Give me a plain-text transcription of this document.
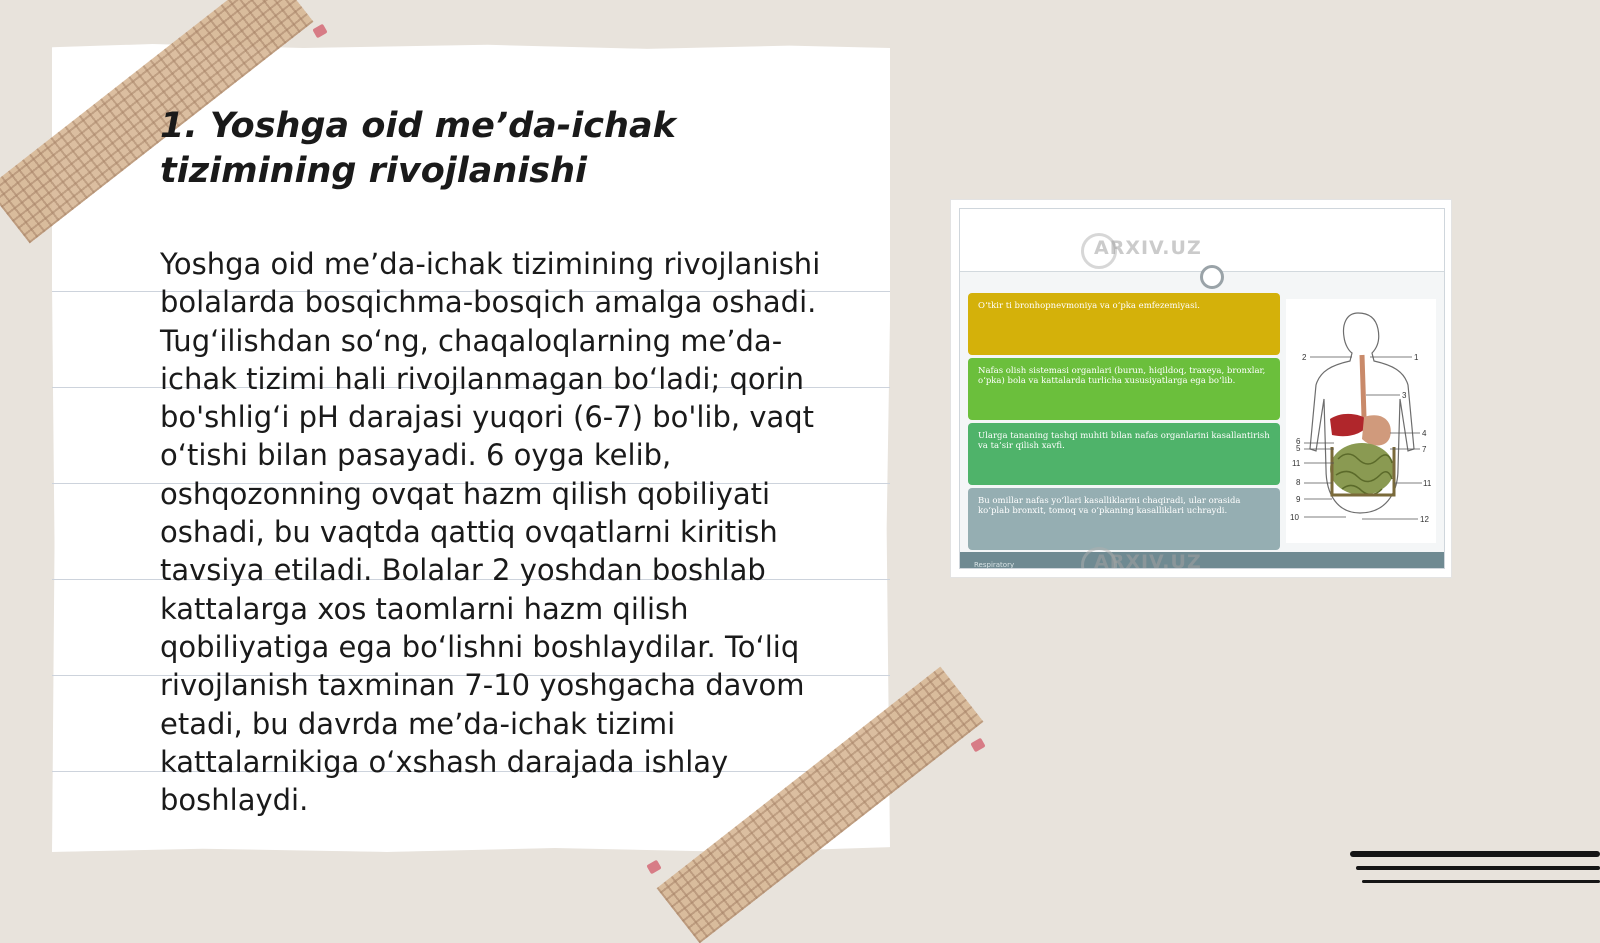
1. Yoshga oid me’da-ichak tizimining rivojlanishi

Yoshga oid me’da-ichak tizimining rivojlanishi bolalarda bosqichma-bosqich amalga oshadi. Tug‘ilishdan so‘ng, chaqaloqlarning me’da-ichak tizimi hali rivojlanmagan bo‘ladi; qorin bo'shlig‘i pH darajasi yuqori (6-7) bo'lib, vaqt o‘tishi bilan pasayadi. 6 oyga kelib, oshqozonning ovqat hazm qilish qobiliyati oshadi, bu vaqtda qattiq ovqatlarni kiritish tavsiya etiladi. Bolalar 2 yoshdan boshlab kattalarga xos taomlarni hazm qilish qobiliyatiga ega bo‘lishni boshlaydilar. To‘liq rivojlanish taxminan 7-10 yoshgacha davom etadi, bu davrda me’da-ichak tizimi kattalarnikiga o‘xshash darajada ishlay boshlaydi.

ARXIV.UZ
O‘tkir ti bronhopnevmoniya va o‘pka emfezemiyasi.
Nafas olish sistemasi organlari (burun, hiqildoq, traxeya, bronxlar, o‘pka) bola va kattalarda turlicha xususiyatlarga ega bo‘lib.
Ularga tananing tashqi muhiti bilan nafas organlarini kasallantirish va ta’sir qilish xavfi.
Bu omillar nafas yo‘llari kasalliklarini chaqiradi, ular orasida ko‘plab bronxit, tomoq va o‘pkaning kasalliklari uchraydi.
1
2
3
4
5
6
7
8
9
10
11
11
12
Respiratory	ARXIV.UZ
